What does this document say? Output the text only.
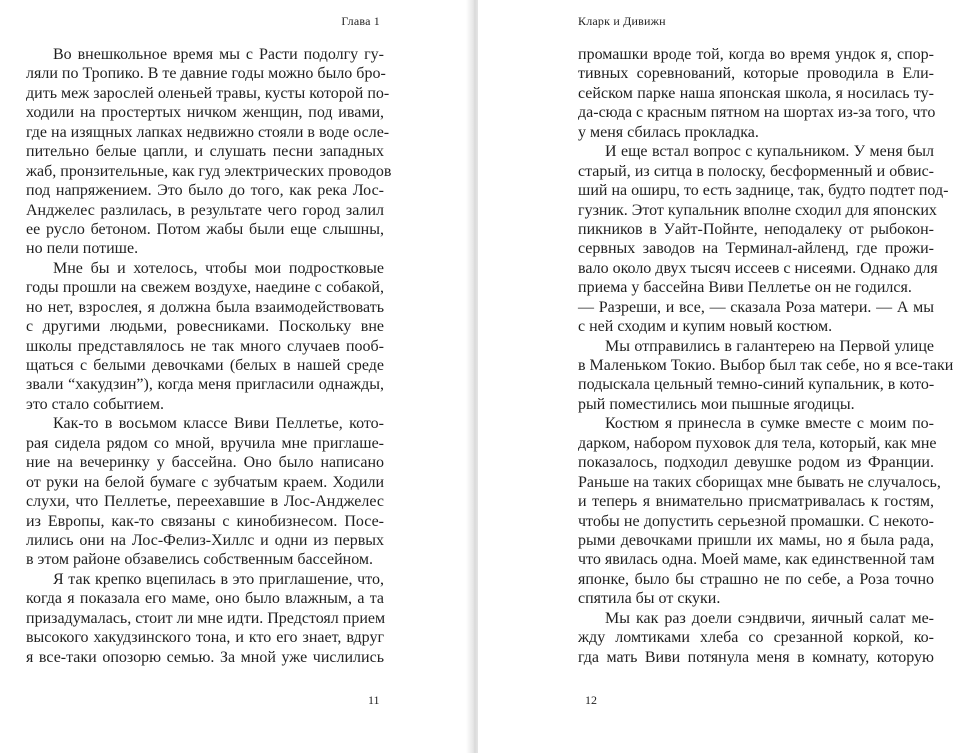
Глава 1
Во внешкольное время мы с Расти подолгу гу-
ляли по Тропико. В те давние годы можно было бро-
дить меж зарослей оленьей травы, кусты которой по-
ходили на простертых ничком женщин, под ивами,
где на изящных лапках недвижно стояли в воде осле-
пительно белые цапли, и слушать песни западных
жаб, пронзительные, как гуд электрических проводов
под напряжением. Это было до того, как река Лос-
Анджелес разлилась, в результате чего город залил
ее русло бетоном. Потом жабы были еще слышны,
но пели потише.
Мне бы и хотелось, чтобы мои подростковые
годы прошли на свежем воздухе, наедине с собакой,
но нет, взрослея, я должна была взаимодействовать
с другими людьми, ровесниками. Поскольку вне
школы представлялось не так много случаев пооб-
щаться с белыми девочками (белых в нашей среде
звали “хакудзин”), когда меня пригласили однажды,
это стало событием.
Как-то в восьмом классе Виви Пеллетье, кото-
рая сидела рядом со мной, вручила мне приглаше-
ние на вечеринку у бассейна. Оно было написано
от руки на белой бумаге с зубчатым краем. Ходили
слухи, что Пеллетье, переехавшие в Лос-Анджелес
из Европы, как-то связаны с кинобизнесом. Посе-
лились они на Лос-Фелиз-Хиллс и одни из первых
в этом районе обзавелись собственным бассейном.
Я так крепко вцепилась в это приглашение, что,
когда я показала его маме, оно было влажным, а та
призадумалась, стоит ли мне идти. Предстоял прием
высокого хакудзинского тона, и кто его знает, вдруг
я все-таки опозорю семью. За мной уже числились
11
Кларк и Дивижн
промашки вроде той, когда во время ундок я, спор-
тивных соревнований, которые проводила в Ели-
сейском парке наша японская школа, я носилась ту-
да-сюда с красным пятном на шортах из-за того, что
у меня сбилась прокладка.
И еще встал вопрос с купальником. У меня был
старый, из ситца в полоску, бесформенный и обвис-
ший на оширu, то есть заднице, так, будто подтет под-
гузник. Этот купальник вполне сходил для японских
пикников в Уайт-Пойнте, неподалеку от рыбокон-
сервных заводов на Терминал-айленд, где прожи-
вало около двух тысяч иссеев с нисеями. Однако для
приема у бассейна Виви Пеллетье он не годился.
— Разреши, и все, — сказала Роза матери. — А мы
с ней сходим и купим новый костюм.
Мы отправились в галантерею на Первой улице
в Маленьком Токио. Выбор был так себе, но я все-таки
подыскала цельный темно-синий купальник, в кото-
рый поместились мои пышные ягодицы.
Костюм я принесла в сумке вместе с моим по-
дарком, набором пуховок для тела, который, как мне
показалось, подходил девушке родом из Франции.
Раньше на таких сборищах мне бывать не случалось,
и теперь я внимательно присматривалась к гостям,
чтобы не допустить серьезной промашки. С некото-
рыми девочками пришли их мамы, но я была рада,
что явилась одна. Моей маме, как единственной там
японке, было бы страшно не по себе, а Роза точно
спятила бы от скуки.
Мы как раз доели сэндвичи, яичный салат ме-
жду ломтиками хлеба со срезанной коркой, ко-
гда мать Виви потянула меня в комнату, которую
12
